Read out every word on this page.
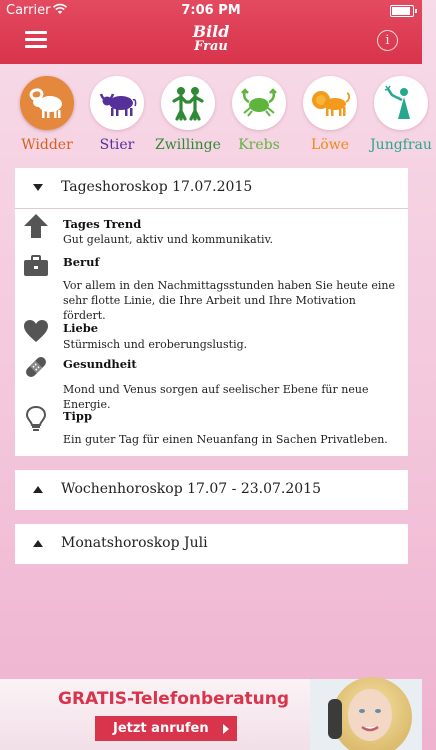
Carrier	7:06 PM
Bild
Frau	i
Widder	Stier	Zwillinge	Krebs	Löwe	Jungfrau
Tageshoroskop 17.07.2015
Tages Trend
Gut gelaunt, aktiv und kommunikativ.
Beruf
Vor allem in den Nachmittagsstunden haben Sie heute eine sehr flotte Linie, die Ihre Arbeit und Ihre Motivation fördert.
Liebe
Stürmisch und eroberungslustig.
Gesundheit
Mond und Venus sorgen auf seelischer Ebene für neue Energie.
Tipp
Ein guter Tag für einen Neuanfang in Sachen Privatleben.
Wochenhoroskop 17.07 - 23.07.2015
Monatshoroskop Juli
GRATIS-Telefonberatung
Jetzt anrufen
